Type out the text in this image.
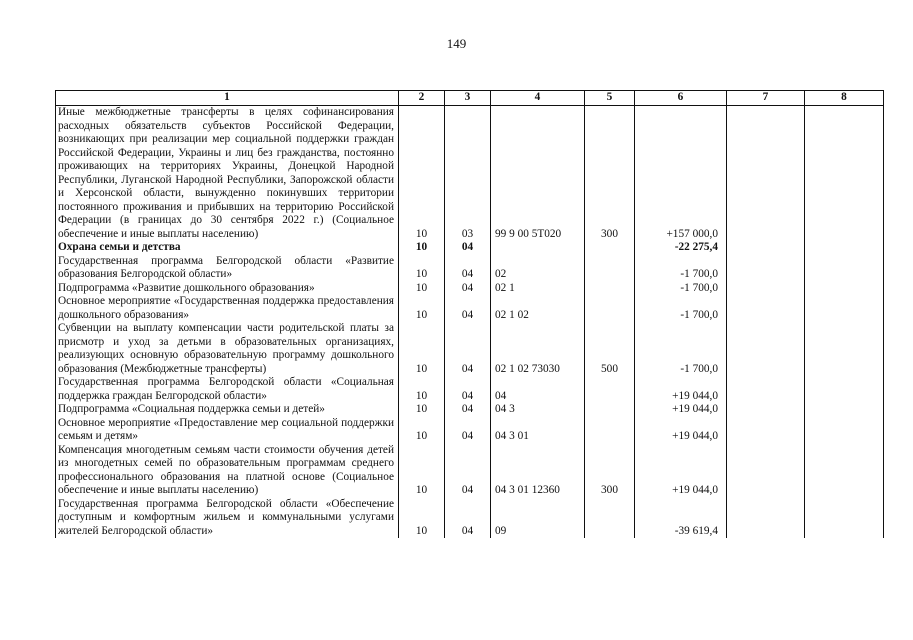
149
1	2	3	4	5	6	7	8
Иные межбюджетные трансферты в целях софинансирования расходных обязательств субъектов Российской Федерации, возникающих при реализации мер социальной поддержки граждан Российской Федерации, Украины и лиц без гражданства, постоянно проживающих на территориях Украины, Донецкой Народной Республики, Луганской Народной Республики, Запорожской области и Херсонской области, вынужденно покинувших территории постоянного проживания и прибывших на территорию Российской Федерации (в границах до 30 сентября 2022 г.) (Социальное обеспечение и иные выплаты населению)	10	03	99 9 00 5Т020	300	+157 000,0		
Охрана семьи и детства	10	04			-22 275,4		
Государственная программа Белгородской области «Развитие образования Белгородской области»	10	04	02		-1 700,0		
Подпрограмма «Развитие дошкольного образования»	10	04	02 1		-1 700,0		
Основное мероприятие «Государственная поддержка предоставления дошкольного образования»	10	04	02 1 02		-1 700,0		
Субвенции на выплату компенсации части родительской платы за присмотр и уход за детьми в образовательных организациях, реализующих основную образовательную программу дошкольного образования (Межбюджетные трансферты)	10	04	02 1 02 73030	500	-1 700,0		
Государственная программа Белгородской области «Социальная поддержка граждан Белгородской области»	10	04	04		+19 044,0		
Подпрограмма «Социальная поддержка семьи и детей»	10	04	04 3		+19 044,0		
Основное мероприятие «Предоставление мер социальной поддержки семьям и детям»	10	04	04 3 01		+19 044,0		
Компенсация многодетным семьям части стоимости обучения детей из многодетных семей по образовательным программам среднего профессионального образования на платной основе (Социальное обеспечение и иные выплаты населению)	10	04	04 3 01 12360	300	+19 044,0		
Государственная программа Белгородской области «Обеспечение доступным и комфортным жильем и коммунальными услугами жителей Белгородской области»	10	04	09		-39 619,4		
